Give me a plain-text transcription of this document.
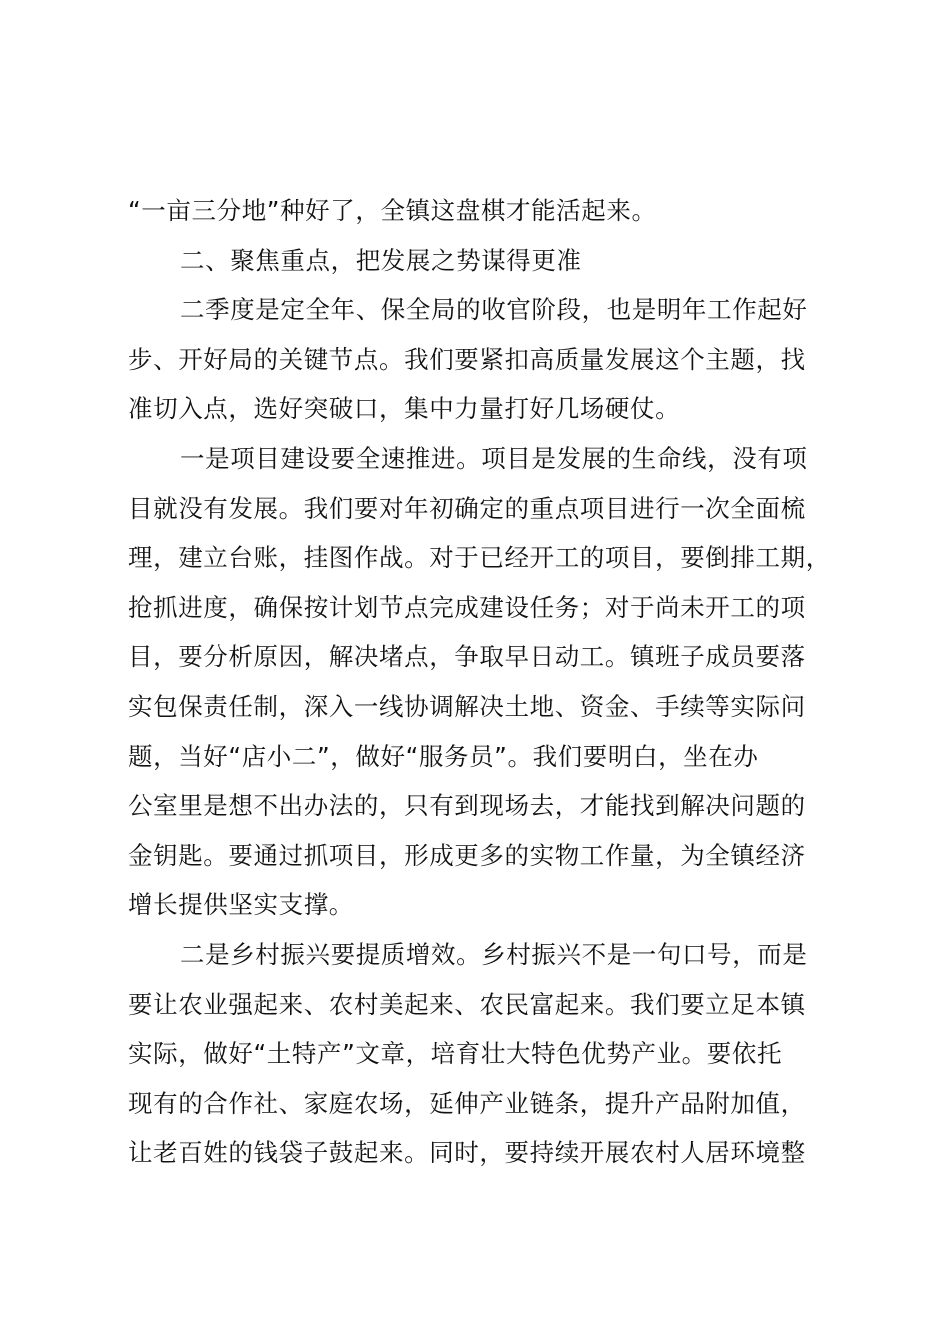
“一亩三分地”种好了，全镇这盘棋才能活起来。
二、聚焦重点，把发展之势谋得更准
二季度是定全年、保全局的收官阶段，也是明年工作起好
步、开好局的关键节点。我们要紧扣高质量发展这个主题，找
准切入点，选好突破口，集中力量打好几场硬仗。
一是项目建设要全速推进。项目是发展的生命线，没有项
目就没有发展。我们要对年初确定的重点项目进行一次全面梳
理，建立台账，挂图作战。对于已经开工的项目，要倒排工期，
抢抓进度，确保按计划节点完成建设任务；对于尚未开工的项
目，要分析原因，解决堵点，争取早日动工。镇班子成员要落
实包保责任制，深入一线协调解决土地、资金、手续等实际问
题，当好“店小二”，做好“服务员”。我们要明白，坐在办
公室里是想不出办法的，只有到现场去，才能找到解决问题的
金钥匙。要通过抓项目，形成更多的实物工作量，为全镇经济
增长提供坚实支撑。
二是乡村振兴要提质增效。乡村振兴不是一句口号，而是
要让农业强起来、农村美起来、农民富起来。我们要立足本镇
实际，做好“土特产”文章，培育壮大特色优势产业。要依托
现有的合作社、家庭农场，延伸产业链条，提升产品附加值，
让老百姓的钱袋子鼓起来。同时，要持续开展农村人居环境整
